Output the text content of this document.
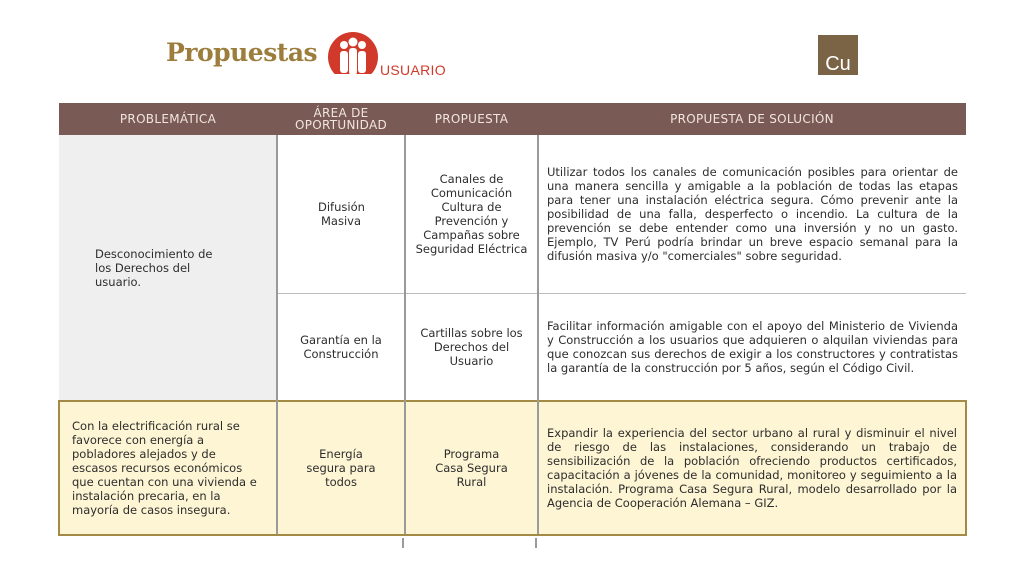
Propuestas
USUARIO	Cu
PROBLEMÁTICA	ÁREA DE OPORTUNIDAD	PROPUESTA	PROPUESTA DE SOLUCIÓN
Desconocimiento de los Derechos del usuario.	Difusión Masiva	Canales de Comunicación Cultura de Prevención y Campañas sobre Seguridad Eléctrica	Utilizar todos los canales de comunicación posibles para orientar de una manera sencilla y amigable a la población de todas las etapas para tener una instalación eléctrica segura. Cómo prevenir ante la posibilidad de una falla, desperfecto o incendio. La cultura de la prevención se debe entender como una inversión y no un gasto. Ejemplo, TV Perú podría brindar un breve espacio semanal para la difusión masiva y/o "comerciales" sobre seguridad.
	Garantía en la Construcción	Cartillas sobre los Derechos del Usuario	Facilitar información amigable con el apoyo del Ministerio de Vivienda y Construcción a los usuarios que adquieren o alquilan viviendas para que conozcan sus derechos de exigir a los constructores y contratistas la garantía de la construcción por 5 años, según el Código Civil.
Con la electrificación rural se favorece con energía a pobladores alejados y de escasos recursos económicos que cuentan con una vivienda e instalación precaria, en la mayoría de casos insegura.	Energía segura para todos	Programa Casa Segura Rural	Expandir la experiencia del sector urbano al rural y disminuir el nivel de riesgo de las instalaciones, considerando un trabajo de sensibilización de la población ofreciendo productos certificados, capacitación a jóvenes de la comunidad, monitoreo y seguimiento a la instalación. Programa Casa Segura Rural, modelo desarrollado por la Agencia de Cooperación Alemana – GIZ.
